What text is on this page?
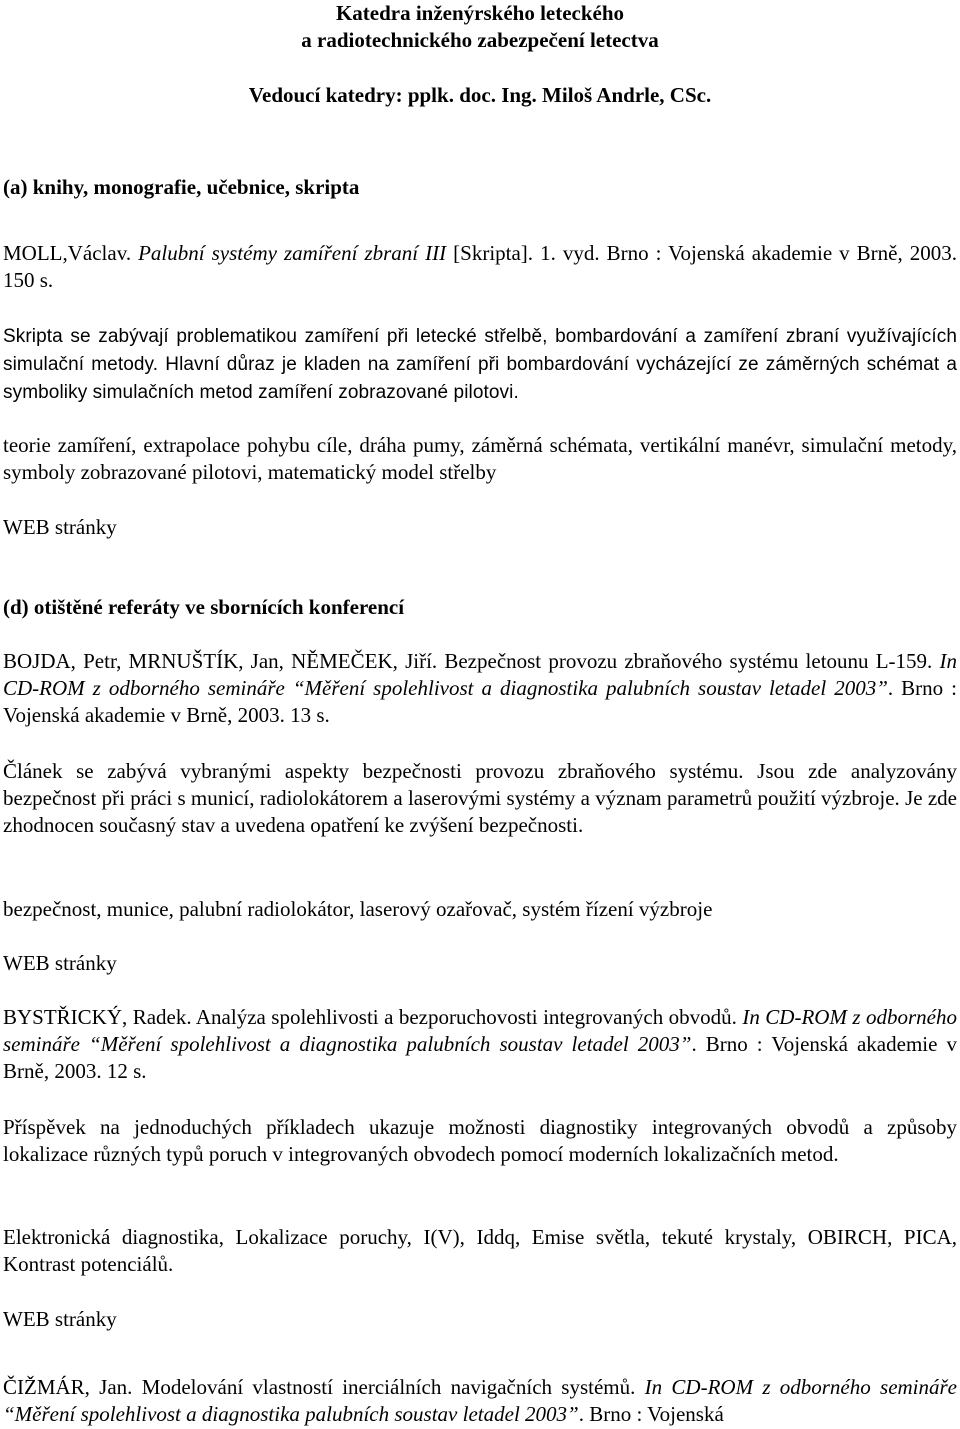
Katedra inženýrského leteckého
a radiotechnického zabezpečení letectva
Vedoucí katedry: pplk. doc. Ing. Miloš Andrle, CSc.
(a) knihy, monografie, učebnice, skripta

MOLL,Václav. Palubní systémy zamíření zbraní III [Skripta]. 1. vyd. Brno : Vojenská akademie v Brně, 2003. 150 s.

Skripta se zabývají problematikou zamíření při letecké střelbě, bombardování a zamíření zbraní využívajících simulační metody. Hlavní důraz je kladen na zamíření při bombardování vycházející ze záměrných schémat a symboliky simulačních metod zamíření zobrazované pilotovi.

teorie zamíření, extrapolace pohybu cíle, dráha pumy, záměrná schémata, vertikální manévr, simulační metody, symboly zobrazované pilotovi, matematický model střelby

WEB stránky
(d) otištěné referáty ve sbornících konferencí

BOJDA, Petr, MRNUŠTÍK, Jan, NĚMEČEK, Jiří. Bezpečnost provozu zbraňového systému letounu L-159. In CD-ROM z odborného semináře “Měření spolehlivost a diagnostika palubních soustav letadel 2003”. Brno : Vojenská akademie v Brně, 2003. 13 s.

Článek se zabývá vybranými aspekty bezpečnosti provozu zbraňového systému. Jsou zde analyzovány bezpečnost při práci s municí, radiolokátorem a laserovými systémy a význam parametrů použití výzbroje. Je zde zhodnocen současný stav a uvedena opatření ke zvýšení bezpečnosti.

bezpečnost, munice, palubní radiolokátor, laserový ozařovač, systém řízení výzbroje

WEB stránky

BYSTŘICKÝ, Radek. Analýza spolehlivosti a bezporuchovosti integrovaných obvodů. In CD-ROM z odborného semináře “Měření spolehlivost a diagnostika palubních soustav letadel 2003”. Brno : Vojenská akademie v Brně, 2003. 12 s.

Příspěvek na jednoduchých příkladech ukazuje možnosti diagnostiky integrovaných obvodů a způsoby lokalizace různých typů poruch v integrovaných obvodech pomocí moderních lokalizačních metod.

Elektronická diagnostika, Lokalizace poruchy, I(V), Iddq, Emise světla, tekuté krystaly, OBIRCH, PICA, Kontrast potenciálů.

WEB stránky

ČIŽMÁR, Jan. Modelování vlastností inerciálních navigačních systémů. In CD-ROM z odborného semináře “Měření spolehlivost a diagnostika palubních soustav letadel 2003”. Brno : Vojenská
